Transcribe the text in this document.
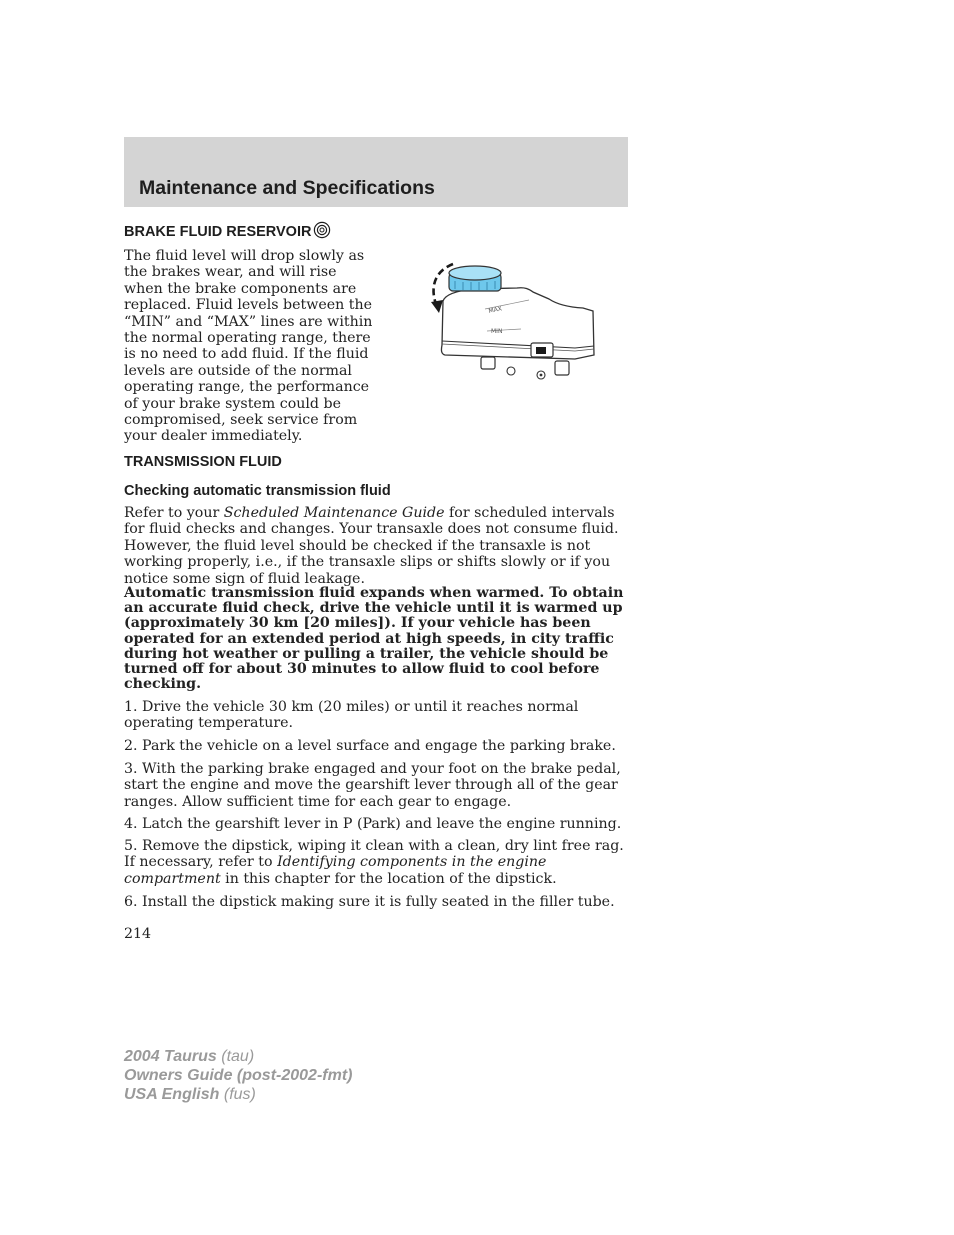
Maintenance and Specifications
BRAKE FLUID RESERVOIR

The fluid level will drop slowly as the brakes wear, and will rise when the brake components are replaced. Fluid levels between the “MIN” and “MAX” lines are within the normal operating range, there is no need to add fluid. If the fluid levels are outside of the normal operating range, the performance of your brake system could be compromised, seek service from your dealer immediately.

MAX
MIN
TRANSMISSION FLUID
Checking automatic transmission fluid

Refer to your Scheduled Maintenance Guide for scheduled intervals for fluid checks and changes. Your transaxle does not consume fluid. However, the fluid level should be checked if the transaxle is not working properly, i.e., if the transaxle slips or shifts slowly or if you notice some sign of fluid leakage.

Automatic transmission fluid expands when warmed. To obtain an accurate fluid check, drive the vehicle until it is warmed up (approximately 30 km [20 miles]). If your vehicle has been operated for an extended period at high speeds, in city traffic during hot weather or pulling a trailer, the vehicle should be turned off for about 30 minutes to allow fluid to cool before checking.

1. Drive the vehicle 30 km (20 miles) or until it reaches normal operating temperature.

2. Park the vehicle on a level surface and engage the parking brake.

3. With the parking brake engaged and your foot on the brake pedal, start the engine and move the gearshift lever through all of the gear ranges. Allow sufficient time for each gear to engage.

4. Latch the gearshift lever in P (Park) and leave the engine running.

5. Remove the dipstick, wiping it clean with a clean, dry lint free rag. If necessary, refer to Identifying components in the engine compartment in this chapter for the location of the dipstick.

6. Install the dipstick making sure it is fully seated in the filler tube.

214

2004 Taurus (tau)
Owners Guide (post-2002-fmt)
USA English (fus)
